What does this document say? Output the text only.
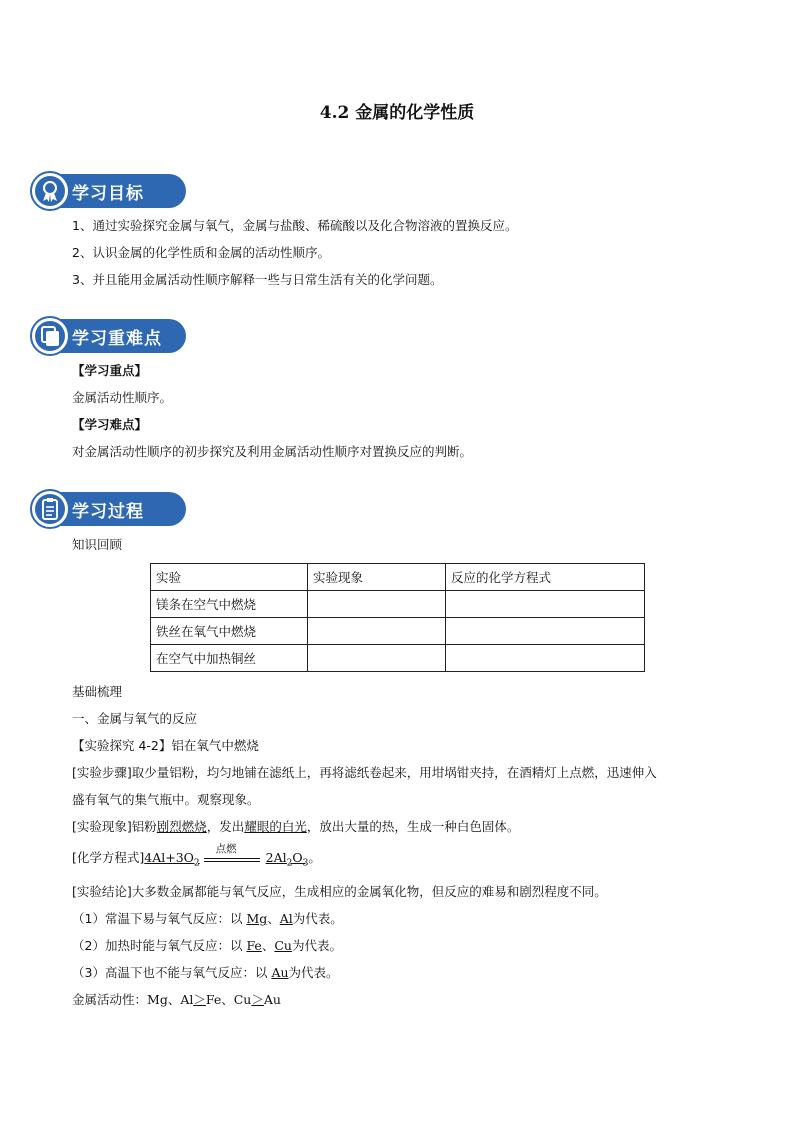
4.2 金属的化学性质
学习目标
1、通过实验探究金属与氧气，金属与盐酸、稀硫酸以及化合物溶液的置换反应。
2、认识金属的化学性质和金属的活动性顺序。
3、并且能用金属活动性顺序解释一些与日常生活有关的化学问题。
学习重难点
【学习重点】
金属活动性顺序。
【学习难点】
对金属活动性顺序的初步探究及利用金属活动性顺序对置换反应的判断。
学习过程
知识回顾
实验	实验现象	反应的化学方程式
镁条在空气中燃烧		
铁丝在氧气中燃烧		
在空气中加热铜丝		
基础梳理
一、金属与氧气的反应
【实验探究 4-2】铝在氧气中燃烧
[实验步骤]取少量铝粉，均匀地铺在滤纸上，再将滤纸卷起来，用坩埚钳夹持，在酒精灯上点燃，迅速伸入
盛有氧气的集气瓶中。观察现象。
[实验现象]铝粉剧烈燃烧，发出耀眼的白光，放出大量的热，生成一种白色固体。
[化学方程式]$4Al+3O_2$
点燃
$2Al_2O_3$。
[实验结论]大多数金属都能与氧气反应，生成相应的金属氧化物，但反应的难易和剧烈程度不同。
（1）常温下易与氧气反应：以 Mg、Al为代表。
（2）加热时能与氧气反应：以 Fe、Cu为代表。
（3）高温下也不能与氧气反应：以 Au为代表。
金属活动性：Mg、Al＞Fe、Cu＞Au
